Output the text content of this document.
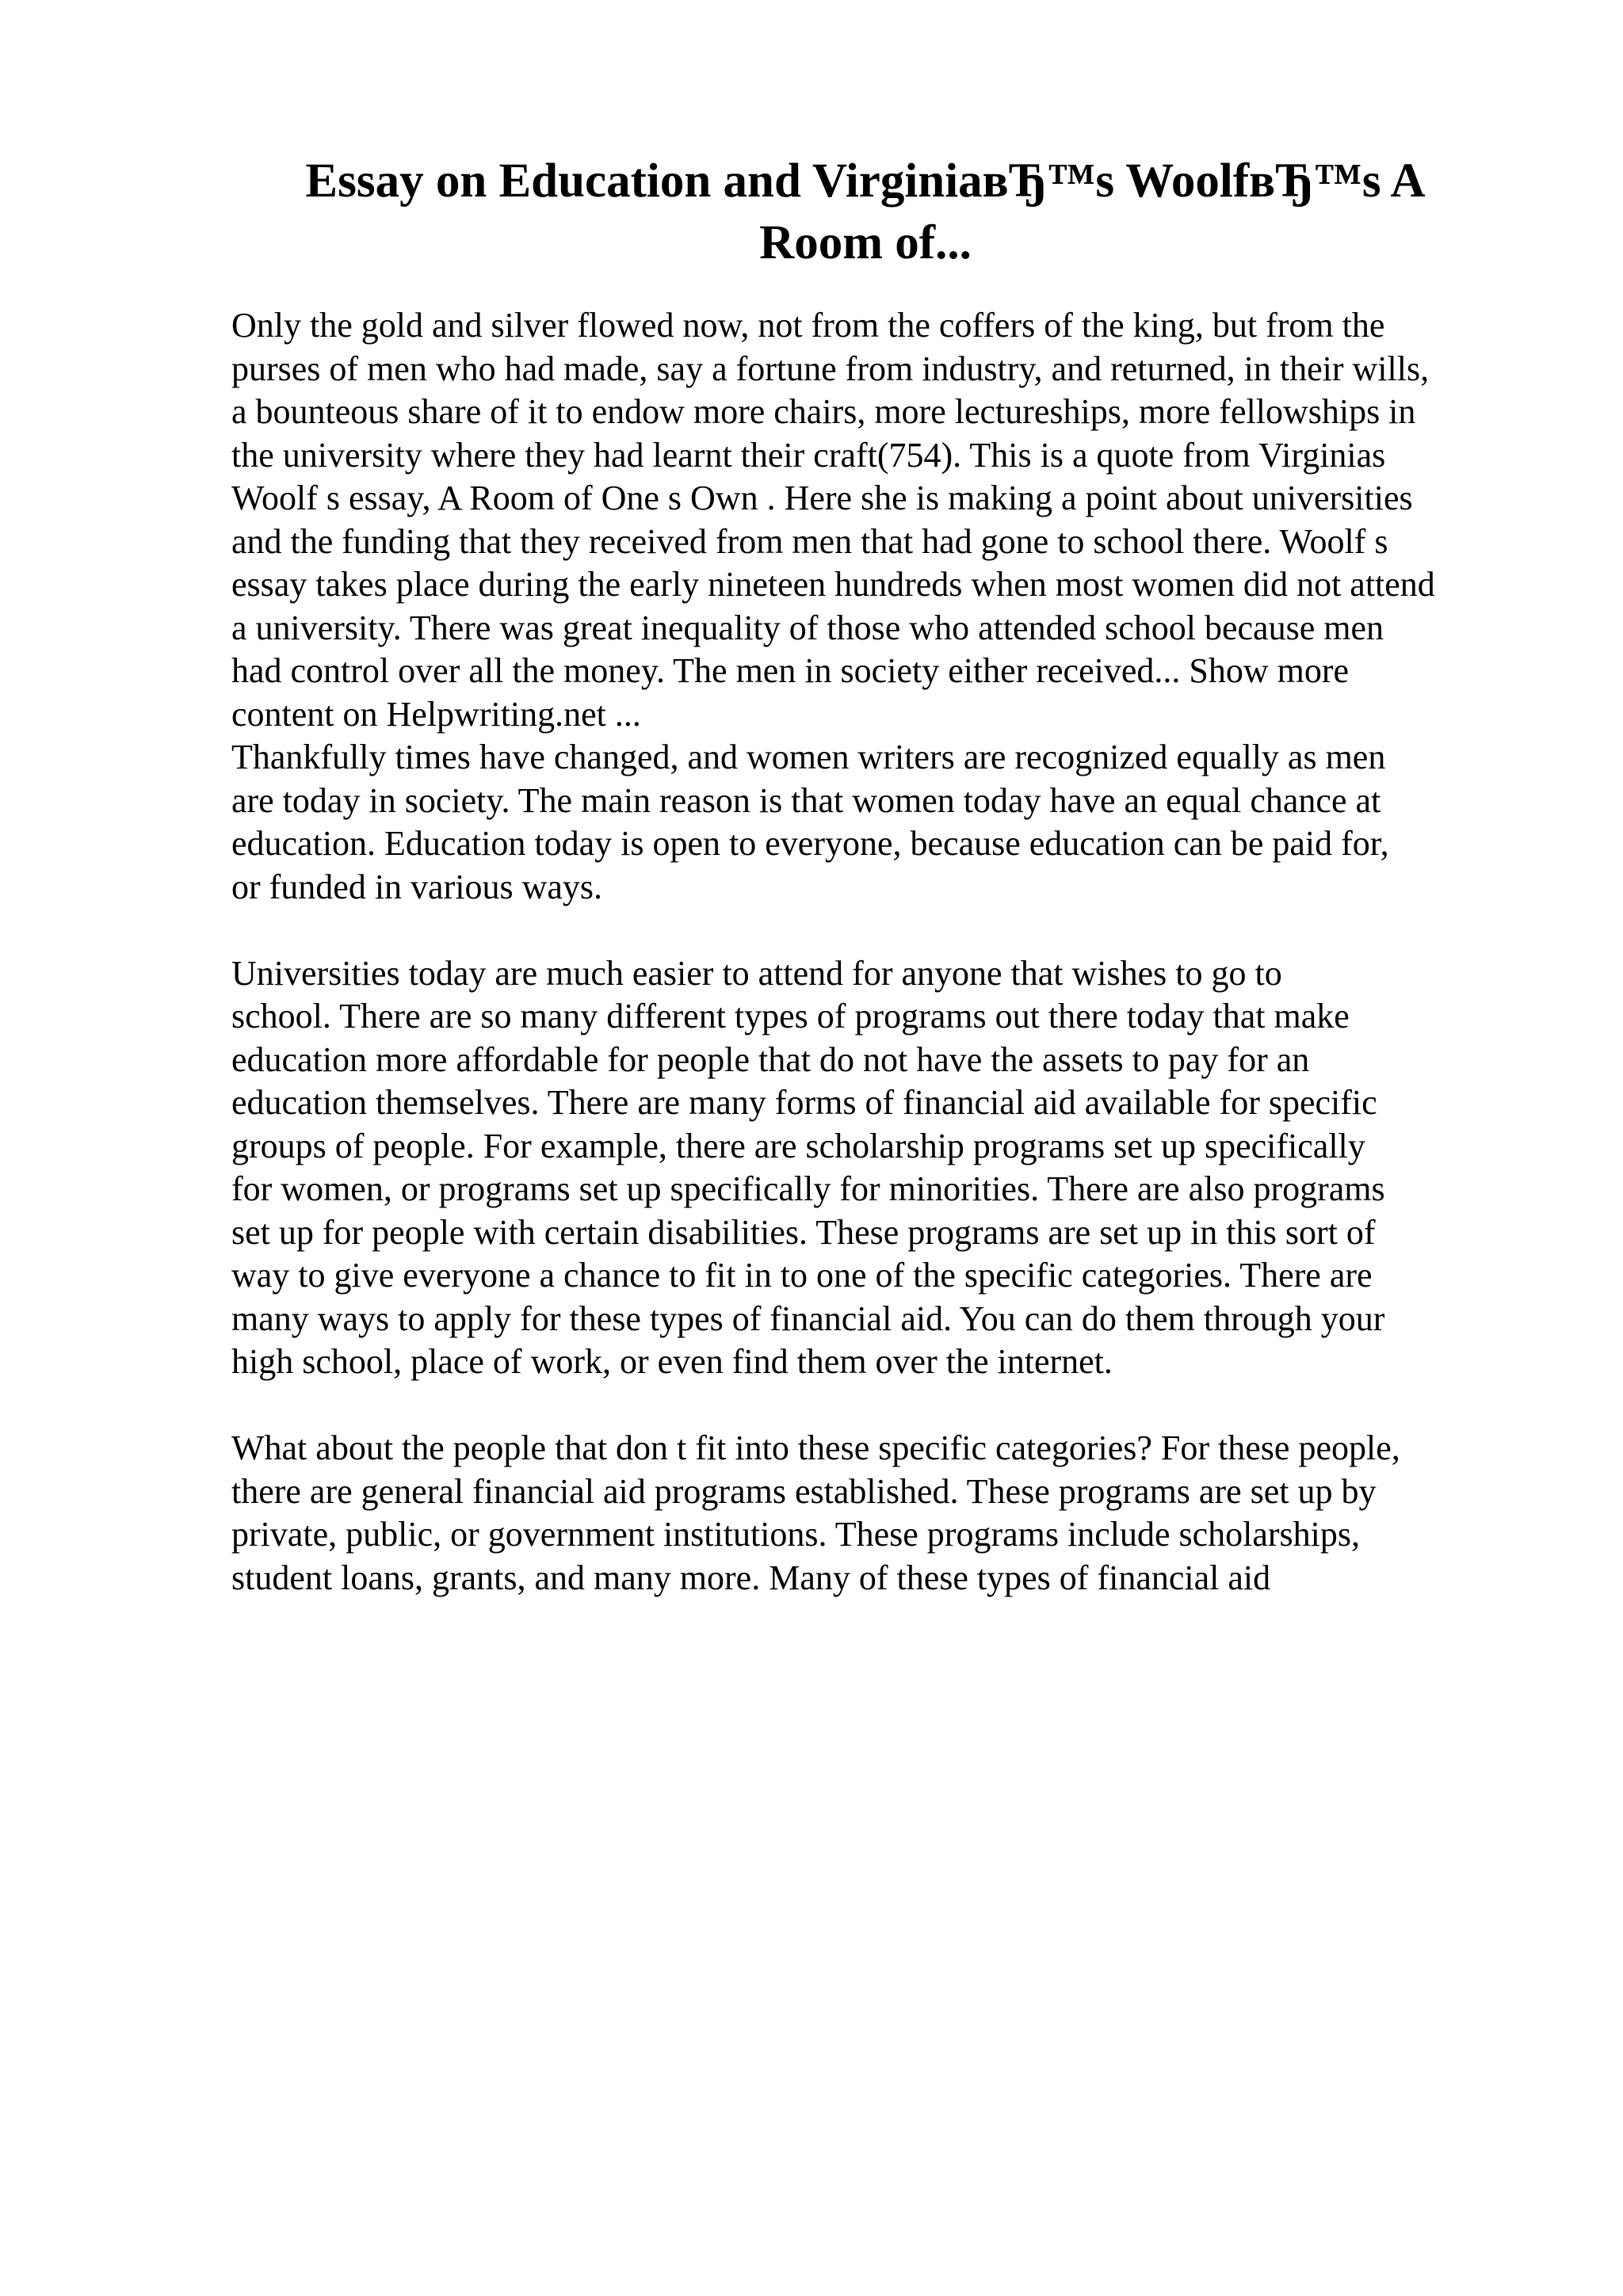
Essay on Education and VirginiaвЂ™s WoolfвЂ™s A
Room of...
Only the gold and silver flowed now, not from the coffers of the king, but from the
purses of men who had made, say a fortune from industry, and returned, in their wills,
a bounteous share of it to endow more chairs, more lectureships, more fellowships in
the university where they had learnt their craft(754). This is a quote from Virginias
Woolf s essay, A Room of One s Own . Here she is making a point about universities
and the funding that they received from men that had gone to school there. Woolf s
essay takes place during the early nineteen hundreds when most women did not attend
a university. There was great inequality of those who attended school because men
had control over all the money. The men in society either received... Show more
content on Helpwriting.net ...
Thankfully times have changed, and women writers are recognized equally as men
are today in society. The main reason is that women today have an equal chance at
education. Education today is open to everyone, because education can be paid for,
or funded in various ways.
Universities today are much easier to attend for anyone that wishes to go to
school. There are so many different types of programs out there today that make
education more affordable for people that do not have the assets to pay for an
education themselves. There are many forms of financial aid available for specific
groups of people. For example, there are scholarship programs set up specifically
for women, or programs set up specifically for minorities. There are also programs
set up for people with certain disabilities. These programs are set up in this sort of
way to give everyone a chance to fit in to one of the specific categories. There are
many ways to apply for these types of financial aid. You can do them through your
high school, place of work, or even find them over the internet.
What about the people that don t fit into these specific categories? For these people,
there are general financial aid programs established. These programs are set up by
private, public, or government institutions. These programs include scholarships,
student loans, grants, and many more. Many of these types of financial aid
